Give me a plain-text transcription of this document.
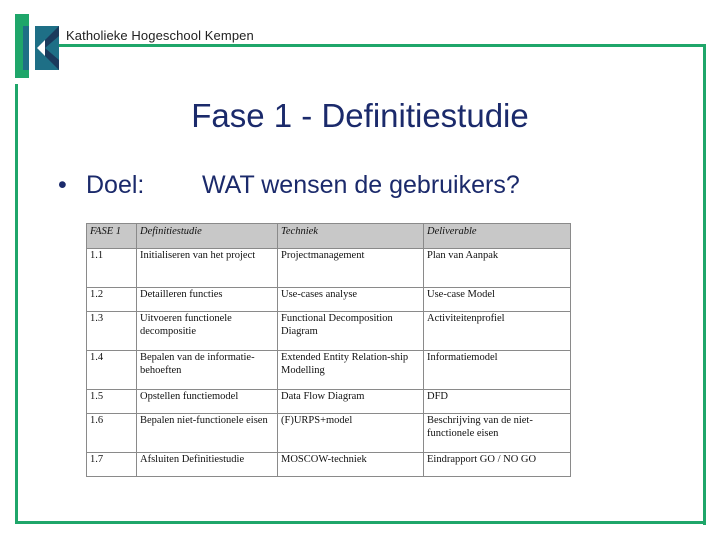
Katholieke Hogeschool Kempen
Fase 1 - Definitiestudie
• Doel: WAT wensen de gebruikers?
FASE 1	Definitiestudie	Techniek	Deliverable
1.1	Initialiseren van het project	Projectmanagement	Plan van Aanpak
1.2	Detailleren functies	Use-cases analyse	Use-case Model
1.3	Uitvoeren functionele decompositie	Functional Decomposition Diagram	Activiteitenprofiel
1.4	Bepalen van de informatie-behoeften	Extended Entity Relation-ship Modelling	Informatiemodel
1.5	Opstellen functiemodel	Data Flow Diagram	DFD
1.6	Bepalen niet-functionele eisen	(F)URPS+model	Beschrijving van de niet-functionele eisen
1.7	Afsluiten Definitiestudie	MOSCOW-techniek	Eindrapport GO / NO GO
